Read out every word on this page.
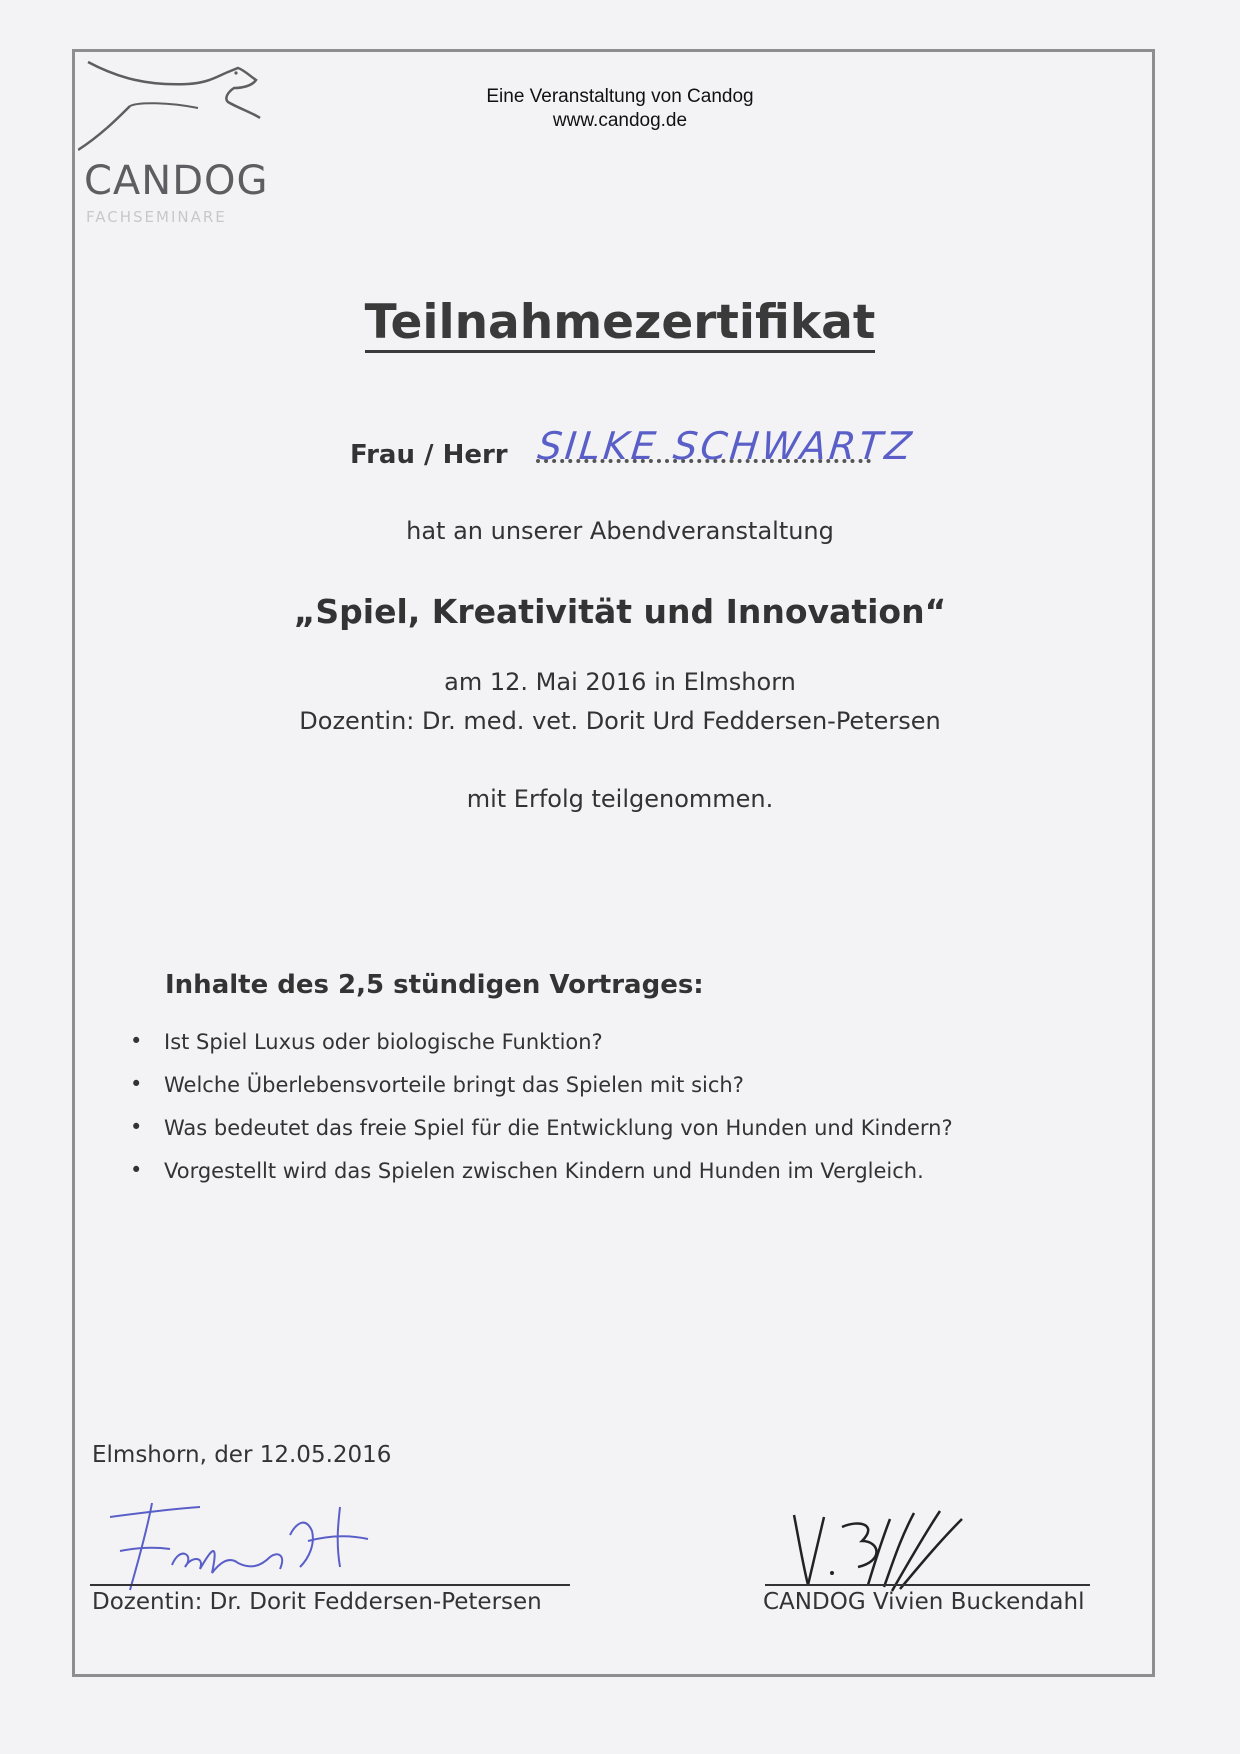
CANDOG
FACHSEMINARE
Eine Veranstaltung von Candog
www.candog.de
Teilnahmezertifikat
Frau / Herr SILKE SCHWARTZ
hat an unserer Abendveranstaltung
„Spiel, Kreativität und Innovation“
am 12. Mai 2016 in Elmshorn
Dozentin: Dr. med. vet. Dorit Urd Feddersen-Petersen
mit Erfolg teilgenommen.
Inhalte des 2,5 stündigen Vortrages:
• Ist Spiel Luxus oder biologische Funktion?
• Welche Überlebensvorteile bringt das Spielen mit sich?
• Was bedeutet das freie Spiel für die Entwicklung von Hunden und Kindern?
• Vorgestellt wird das Spielen zwischen Kindern und Hunden im Vergleich.
Elmshorn, der 12.05.2016
Dozentin: Dr. Dorit Feddersen-Petersen	CANDOG Vivien Buckendahl
